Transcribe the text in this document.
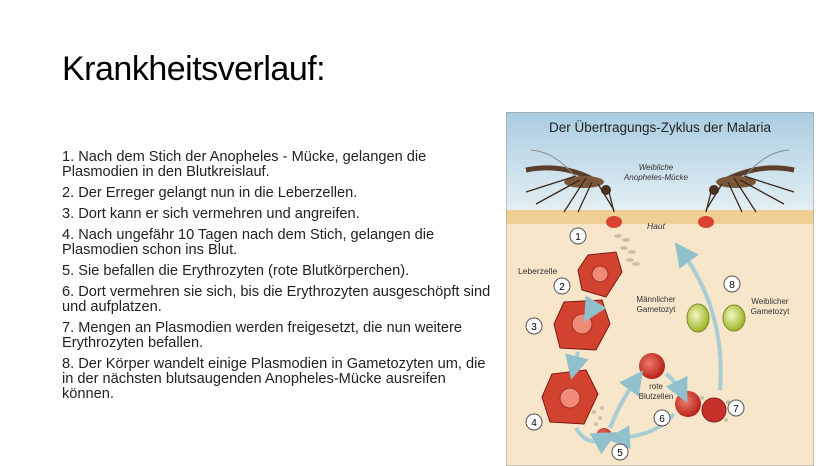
Krankheitsverlauf:
1. Nach dem Stich der Anopheles - Mücke, gelangen die Plasmodien in den Blutkreislauf.
2. Der Erreger gelangt nun in die Leberzellen.
3. Dort kann er sich vermehren und angreifen.
4. Nach ungefähr 10 Tagen nach dem Stich, gelangen die Plasmodien schon ins Blut.
5. Sie befallen die Erythrozyten (rote Blutkörperchen).
6. Dort vermehren sie sich, bis die Erythrozyten ausgeschöpft sind und aufplatzen.
7. Mengen an Plasmodien werden freigesetzt, die nun weitere Erythrozyten befallen.
8. Der Körper wandelt einige Plasmodien in Gametozyten um, die in der nächsten blutsaugenden Anopheles-Mücke ausreifen können.
Der Übertragungs-Zyklus der Malaria
Weibliche
Anopheles-Mücke
Haut
Leberzelle
rote
Blutzellen
Männlicher
Gametozyt
Weiblicher
Gametozyt
1
2
3
4
5
6
7
8
